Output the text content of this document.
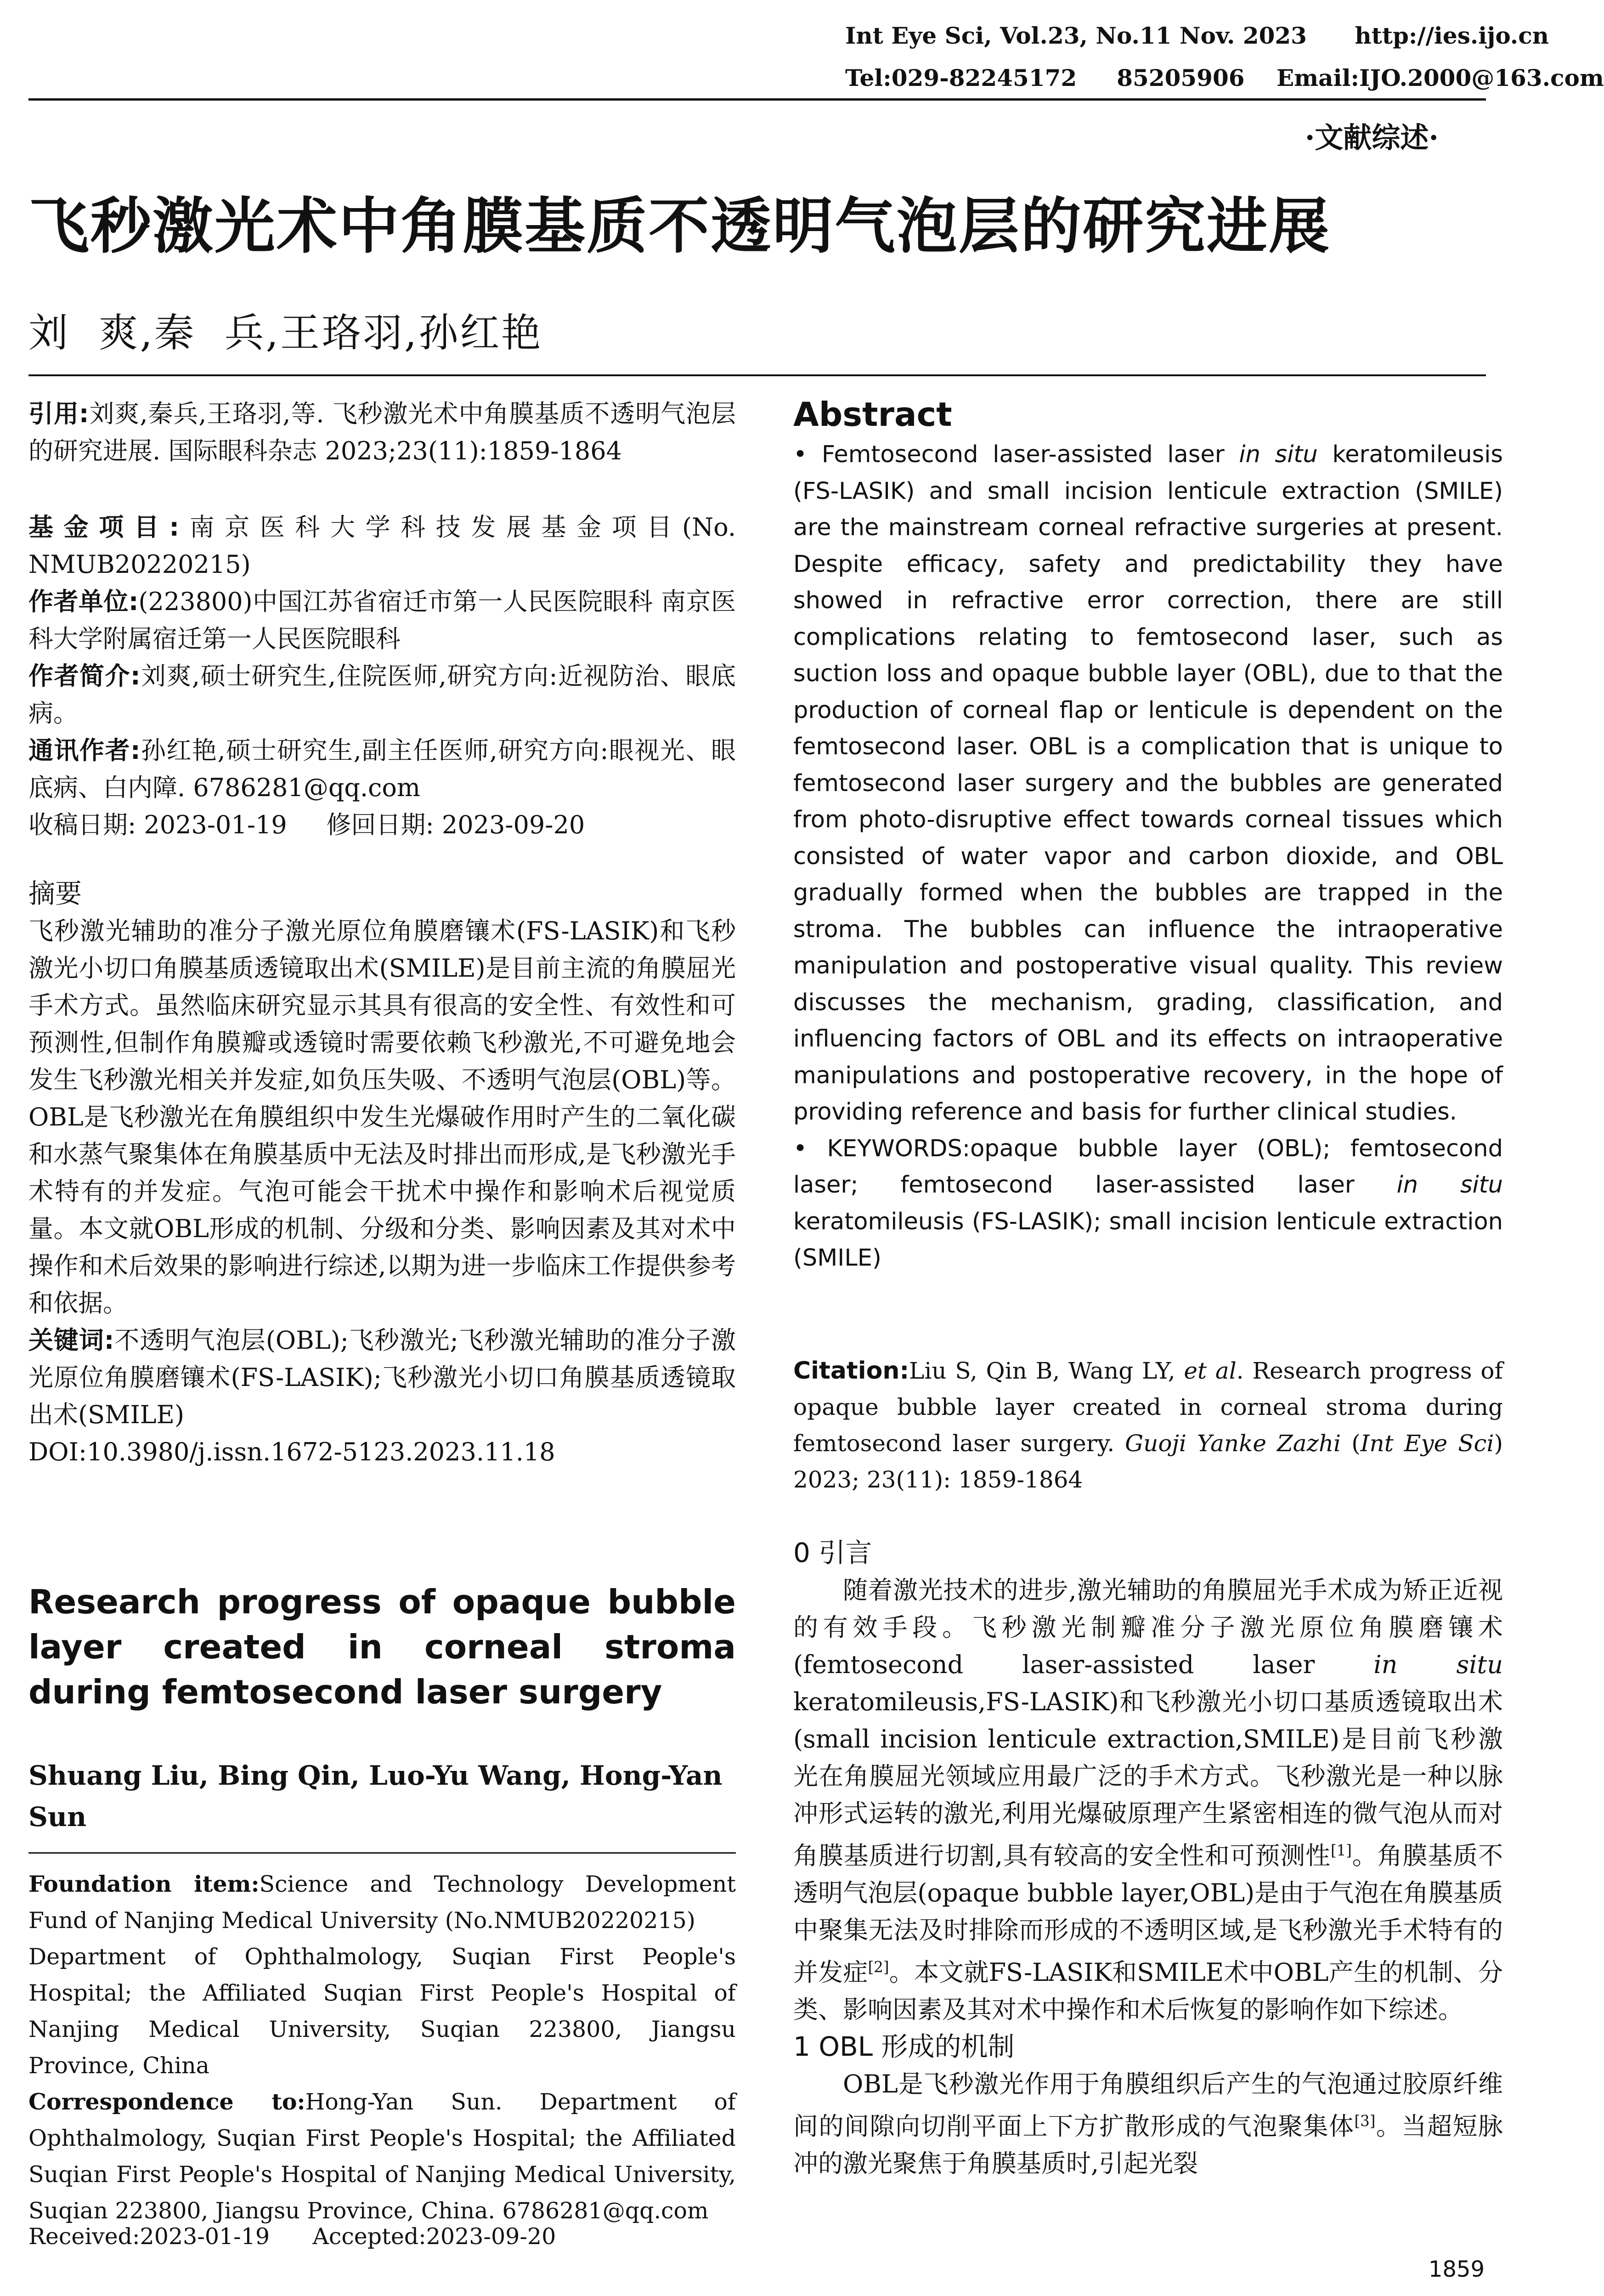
Int Eye Sci, Vol.23, No.11 Nov. 2023      http://ies.ijo.cn
Tel:029-82245172     85205906    Email:IJO.2000@163.com
·文献综述·
飞秒激光术中角膜基质不透明气泡层的研究进展
刘  爽,秦  兵,王珞羽,孙红艳

引用:刘爽,秦兵,王珞羽,等. 飞秒激光术中角膜基质不透明气泡层的研究进展. 国际眼科杂志 2023;23(11):1859-1864

基金项目:南京医科大学科技发展基金项目(No. NMUB20220215)

作者单位:(223800)中国江苏省宿迁市第一人民医院眼科 南京医科大学附属宿迁第一人民医院眼科

作者简介:刘爽,硕士研究生,住院医师,研究方向:近视防治、眼底病。

通讯作者:孙红艳,硕士研究生,副主任医师,研究方向:眼视光、眼底病、白内障. 6786281@qq.com

收稿日期: 2023-01-19     修回日期: 2023-09-20

摘要

飞秒激光辅助的准分子激光原位角膜磨镶术(FS-LASIK)和飞秒激光小切口角膜基质透镜取出术(SMILE)是目前主流的角膜屈光手术方式。虽然临床研究显示其具有很高的安全性、有效性和可预测性,但制作角膜瓣或透镜时需要依赖飞秒激光,不可避免地会发生飞秒激光相关并发症,如负压失吸、不透明气泡层(OBL)等。OBL是飞秒激光在角膜组织中发生光爆破作用时产生的二氧化碳和水蒸气聚集体在角膜基质中无法及时排出而形成,是飞秒激光手术特有的并发症。气泡可能会干扰术中操作和影响术后视觉质量。本文就OBL形成的机制、分级和分类、影响因素及其对术中操作和术后效果的影响进行综述,以期为进一步临床工作提供参考和依据。

关键词:不透明气泡层(OBL);飞秒激光;飞秒激光辅助的准分子激光原位角膜磨镶术(FS-LASIK);飞秒激光小切口角膜基质透镜取出术(SMILE)

DOI:10.3980/j.issn.1672-5123.2023.11.18

Research progress of opaque bubble layer created in corneal stroma during femtosecond laser surgery
Shuang Liu, Bing Qin, Luo-Yu Wang, Hong-Yan Sun

Foundation item:Science and Technology Development Fund of Nanjing Medical University (No.NMUB20220215)

Department of Ophthalmology, Suqian First People's Hospital; the Affiliated Suqian First People's Hospital of Nanjing Medical University, Suqian 223800, Jiangsu Province, China

Correspondence to:Hong-Yan Sun. Department of Ophthalmology, Suqian First People's Hospital; the Affiliated Suqian First People's Hospital of Nanjing Medical University, Suqian 223800, Jiangsu Province, China. 6786281@qq.com

Received:2023-01-19      Accepted:2023-09-20
Abstract

• Femtosecond laser-assisted laser in situ keratomileusis (FS-LASIK) and small incision lenticule extraction (SMILE) are the mainstream corneal refractive surgeries at present. Despite efficacy, safety and predictability they have showed in refractive error correction, there are still complications relating to femtosecond laser, such as suction loss and opaque bubble layer (OBL), due to that the production of corneal flap or lenticule is dependent on the femtosecond laser. OBL is a complication that is unique to femtosecond laser surgery and the bubbles are generated from photo-disruptive effect towards corneal tissues which consisted of water vapor and carbon dioxide, and OBL gradually formed when the bubbles are trapped in the stroma. The bubbles can influence the intraoperative manipulation and postoperative visual quality. This review discusses the mechanism, grading, classification, and influencing factors of OBL and its effects on intraoperative manipulations and postoperative recovery, in the hope of providing reference and basis for further clinical studies.

• KEYWORDS:opaque bubble layer (OBL); femtosecond laser; femtosecond laser-assisted laser in situ keratomileusis (FS-LASIK); small incision lenticule extraction (SMILE)

Citation:Liu S, Qin B, Wang LY, et al. Research progress of opaque bubble layer created in corneal stroma during femtosecond laser surgery. Guoji Yanke Zazhi (Int Eye Sci) 2023; 23(11): 1859-1864

0 引言

随着激光技术的进步,激光辅助的角膜屈光手术成为矫正近视的有效手段。飞秒激光制瓣准分子激光原位角膜磨镶术(femtosecond laser-assisted laser in situ keratomileusis,FS-LASIK)和飞秒激光小切口基质透镜取出术(small incision lenticule extraction,SMILE)是目前飞秒激光在角膜屈光领域应用最广泛的手术方式。飞秒激光是一种以脉冲形式运转的激光,利用光爆破原理产生紧密相连的微气泡从而对角膜基质进行切割,具有较高的安全性和可预测性[1]。角膜基质不透明气泡层(opaque bubble layer,OBL)是由于气泡在角膜基质中聚集无法及时排除而形成的不透明区域,是飞秒激光手术特有的并发症[2]。本文就FS-LASIK和SMILE术中OBL产生的机制、分类、影响因素及其对术中操作和术后恢复的影响作如下综述。

1 OBL 形成的机制

OBL是飞秒激光作用于角膜组织后产生的气泡通过胶原纤维间的间隙向切削平面上下方扩散形成的气泡聚集体[3]。当超短脉冲的激光聚焦于角膜基质时,引起光裂

1859
